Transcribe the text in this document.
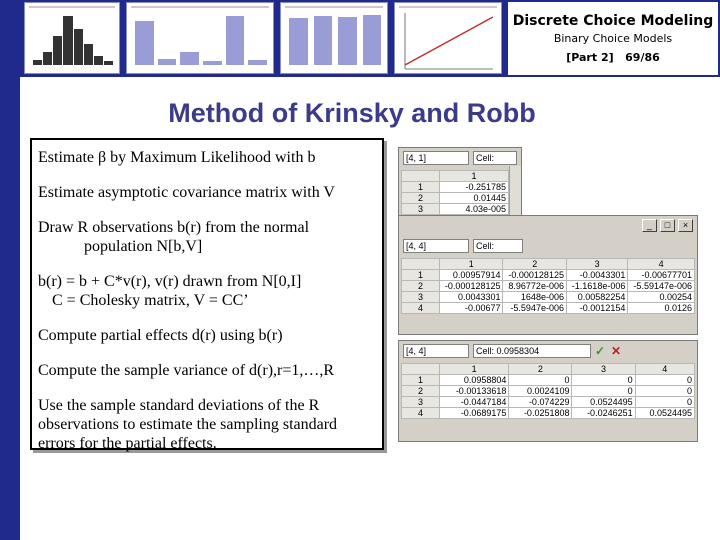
Discrete Choice Modeling
Binary Choice Models
[Part 2] 69/86
Method of Krinsky and Robb

Estimate β by Maximum Likelihood with b

Estimate asymptotic covariance matrix with V

Draw R observations b(r) from the normal

population N[b,V]

b(r) = b + C*v(r), v(r) drawn from N[0,I]

C = Cholesky matrix, V = CC’

Compute partial effects d(r) using b(r)

Compute the sample variance of d(r),r=1,…,R

Use the sample standard deviations of the R observations to estimate the sampling standard errors for the partial effects.

[4, 1]	Cell:
	1
1	-0.251785
2	0.01445
3	4.03e-005

_	□	×
[4, 4]	Cell:
	1	2	3	4
1	0.00957914	-0.000128125	-0.0043301	-0.00677701
2	-0.000128125	8.96772e-006	-1.1618e-006	-5.59147e-006
3	0.0043301	1648e-006	0.00582254	0.00254
4	-0.00677	-5.5947e-006	-0.0012154	0.0126
[4, 4]	Cell: 0.0958304	✓ ✕
	1	2	3	4
1	0.0958804	0	0	0
2	-0.00133618	0.0024109	0	0
3	-0.0447184	-0.074229	0.0524495	0
4	-0.0689175	-0.0251808	-0.0246251	0.0524495
